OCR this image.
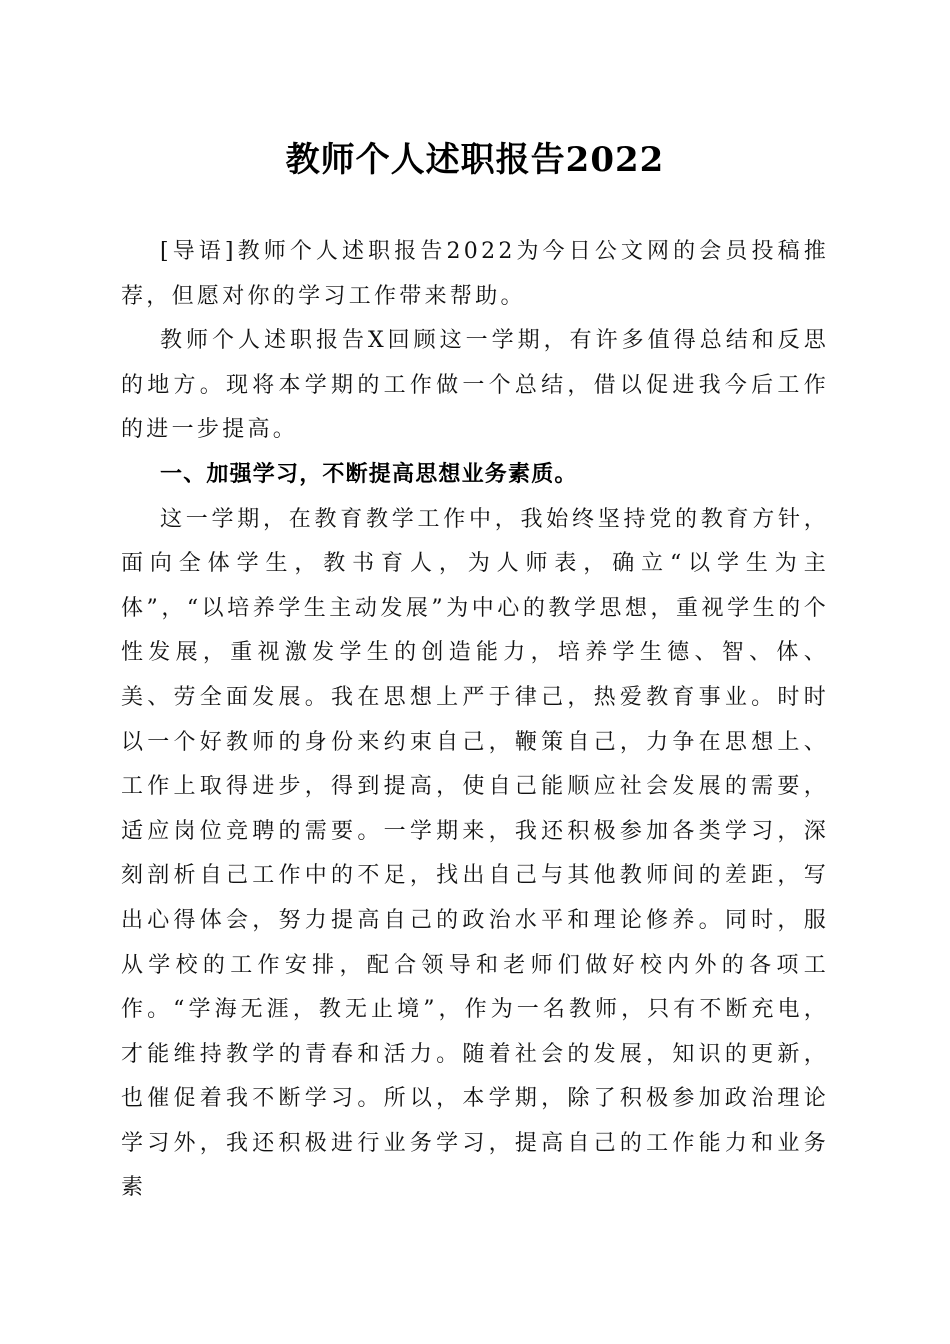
教师个人述职报告2022

[导语]教师个人述职报告2022为今日公文网的会员投稿推荐，但愿对你的学习工作带来帮助。

教师个人述职报告X回顾这一学期，有许多值得总结和反思的地方。现将本学期的工作做一个总结，借以促进我今后工作的进一步提高。

一、加强学习，不断提高思想业务素质。

这一学期，在教育教学工作中，我始终坚持党的教育方针，面向全体学生，教书育人，为人师表，确立“以学生为主体”，“以培养学生主动发展”为中心的教学思想，重视学生的个性发展，重视激发学生的创造能力，培养学生德、智、体、美、劳全面发展。我在思想上严于律己，热爱教育事业。时时以一个好教师的身份来约束自己，鞭策自己，力争在思想上、工作上取得进步，得到提高，使自己能顺应社会发展的需要，适应岗位竞聘的需要。一学期来，我还积极参加各类学习，深刻剖析自己工作中的不足，找出自己与其他教师间的差距，写出心得体会，努力提高自己的政治水平和理论修养。同时，服从学校的工作安排，配合领导和老师们做好校内外的各项工作。“学海无涯，教无止境”，作为一名教师，只有不断充电，才能维持教学的青春和活力。随着社会的发展，知识的更新，也催促着我不断学习。所以，本学期，除了积极参加政治理论学习外，我还积极进行业务学习，提高自己的工作能力和业务素
